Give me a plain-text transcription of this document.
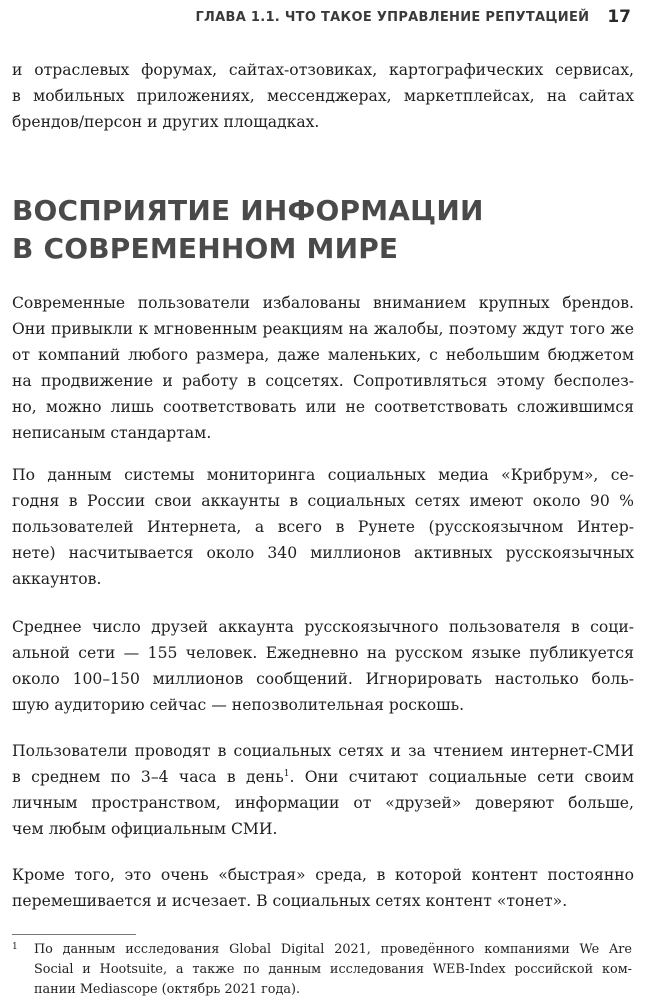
ГЛАВА 1.1. ЧТО ТАКОЕ УПРАВЛЕНИЕ РЕПУТАЦИЕЙ 17

и отраслевых форумах, сайтах-отзовиках, картографических сервисах,
в мобильных приложениях, мессенджерах, маркетплейсах, на сайтах
брендов/персон и других площадках.

ВОСПРИЯТИЕ ИНФОРМАЦИИ
В СОВРЕМЕННОМ МИРЕ

Современные пользователи избалованы вниманием крупных брендов.
Они привыкли к мгновенным реакциям на жалобы, поэтому ждут того же
от компаний любого размера, даже маленьких, с небольшим бюджетом
на продвижение и работу в соцсетях. Сопротивляться этому бесполез-
но, можно лишь соответствовать или не соответствовать сложившимся
неписаным стандартам.

По данным системы мониторинга социальных медиа «Крибрум», се-
годня в России свои аккаунты в социальных сетях имеют около 90 %
пользователей Интернета, а всего в Рунете (русскоязычном Интер-
нете) насчитывается около 340 миллионов активных русскоязычных
аккаунтов.

Среднее число друзей аккаунта русскоязычного пользователя в соци-
альной сети — 155 человек. Ежедневно на русском языке публикуется
около 100–150 миллионов сообщений. Игнорировать настолько боль-
шую аудиторию сейчас — непозволительная роскошь.

Пользователи проводят в социальных сетях и за чтением интернет-СМИ
в среднем по 3–4 часа в день$^1$. Они считают социальные сети своим
личным пространством, информации от «друзей» доверяют больше,
чем любым официальным СМИ.

Кроме того, это очень «быстрая» среда, в которой контент постоянно
перемешивается и исчезает. В социальных сетях контент «тонет».

1 По данным исследования Global Digital 2021, проведённого компаниями We Are
Social и Hootsuite, а также по данным исследования WEB-Index российской ком-
пании Mediascope (октябрь 2021 года).
